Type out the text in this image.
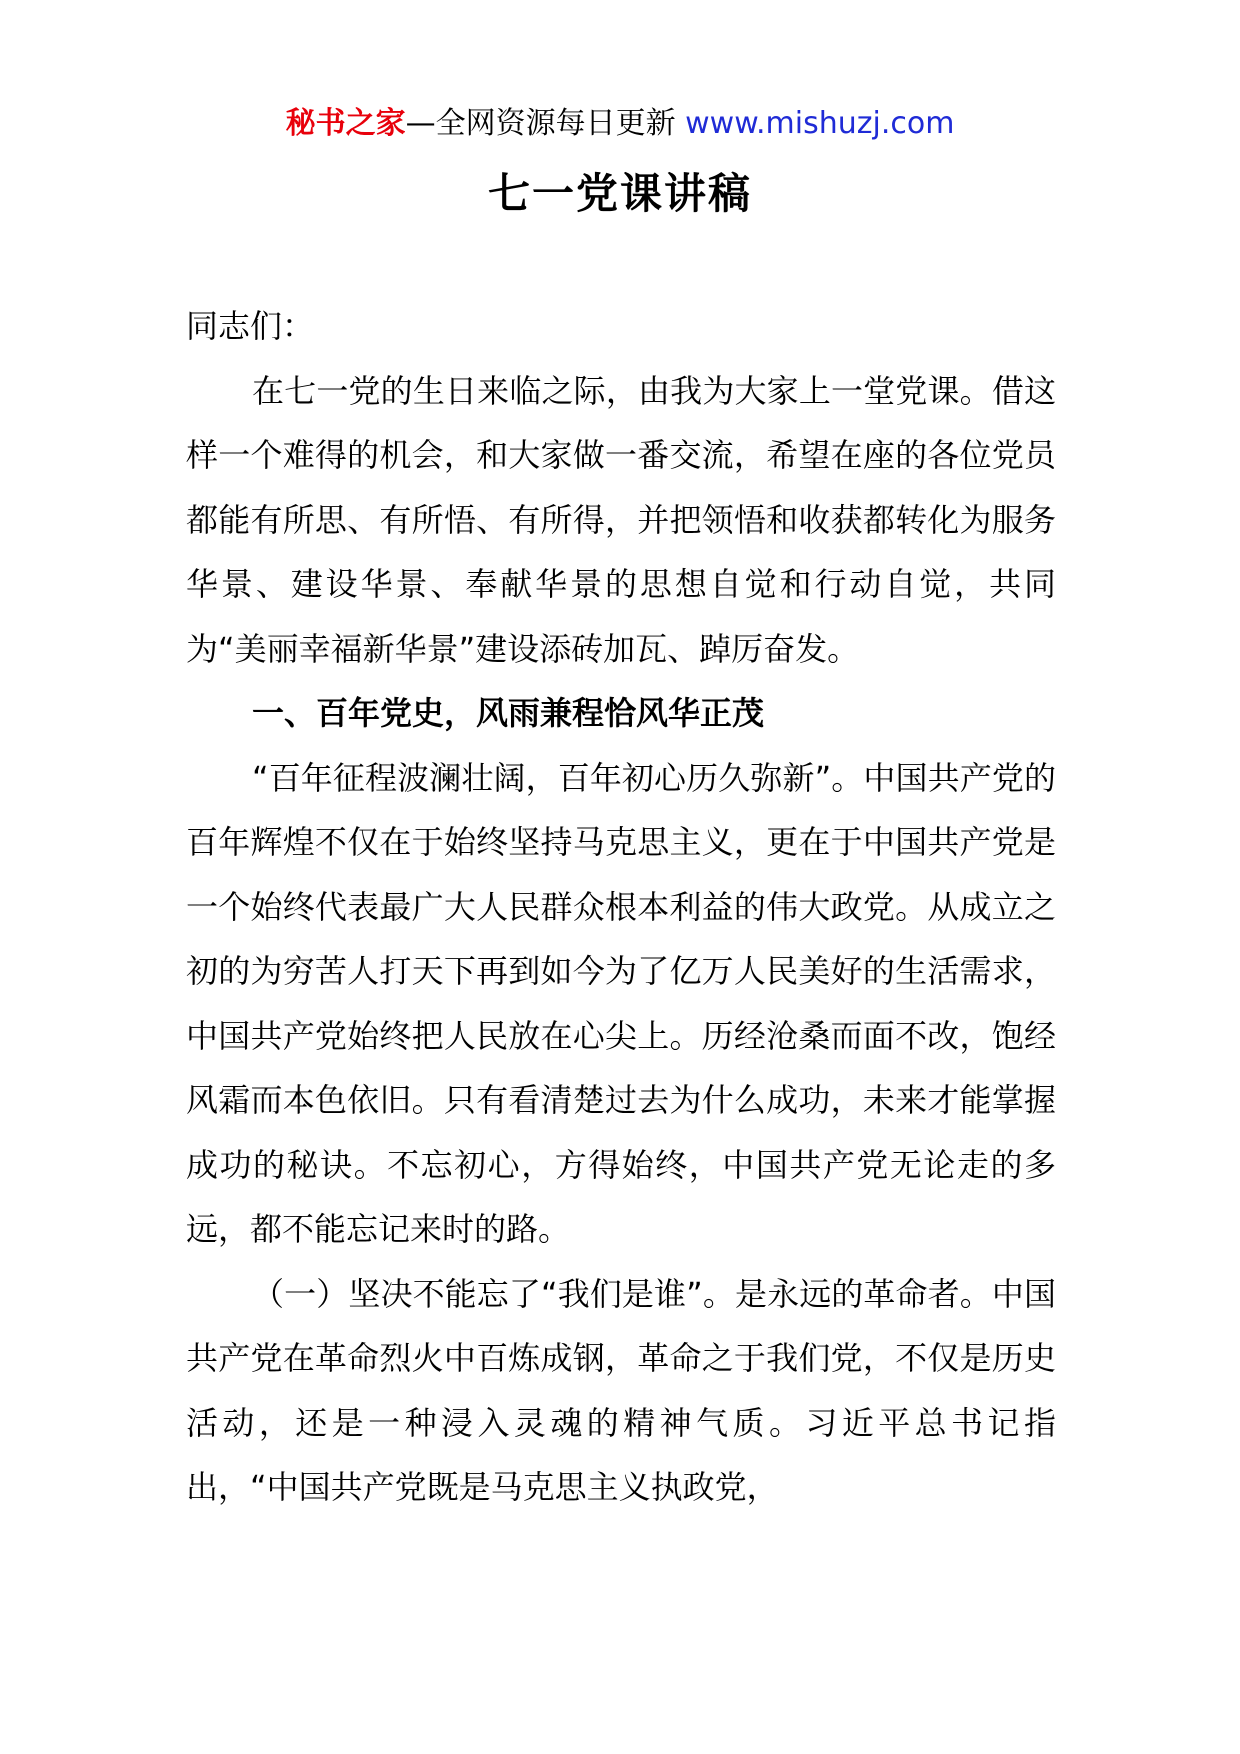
秘书之家—全网资源每日更新 www.mishuzj.com
七一党课讲稿

同志们：

在七一党的生日来临之际，由我为大家上一堂党课。借这样一个难得的机会，和大家做一番交流，希望在座的各位党员都能有所思、有所悟、有所得，并把领悟和收获都转化为服务华景、建设华景、奉献华景的思想自觉和行动自觉，共同为“美丽幸福新华景”建设添砖加瓦、踔厉奋发。

一、百年党史，风雨兼程恰风华正茂

“百年征程波澜壮阔，百年初心历久弥新”。中国共产党的百年辉煌不仅在于始终坚持马克思主义，更在于中国共产党是一个始终代表最广大人民群众根本利益的伟大政党。从成立之初的为穷苦人打天下再到如今为了亿万人民美好的生活需求，中国共产党始终把人民放在心尖上。历经沧桑而面不改，饱经风霜而本色依旧。只有看清楚过去为什么成功，未来才能掌握成功的秘诀。不忘初心，方得始终，中国共产党无论走的多远，都不能忘记来时的路。

（一）坚决不能忘了“我们是谁”。是永远的革命者。中国共产党在革命烈火中百炼成钢，革命之于我们党，不仅是历史活动，还是一种浸入灵魂的精神气质。习近平总书记指出，“中国共产党既是马克思主义执政党，
